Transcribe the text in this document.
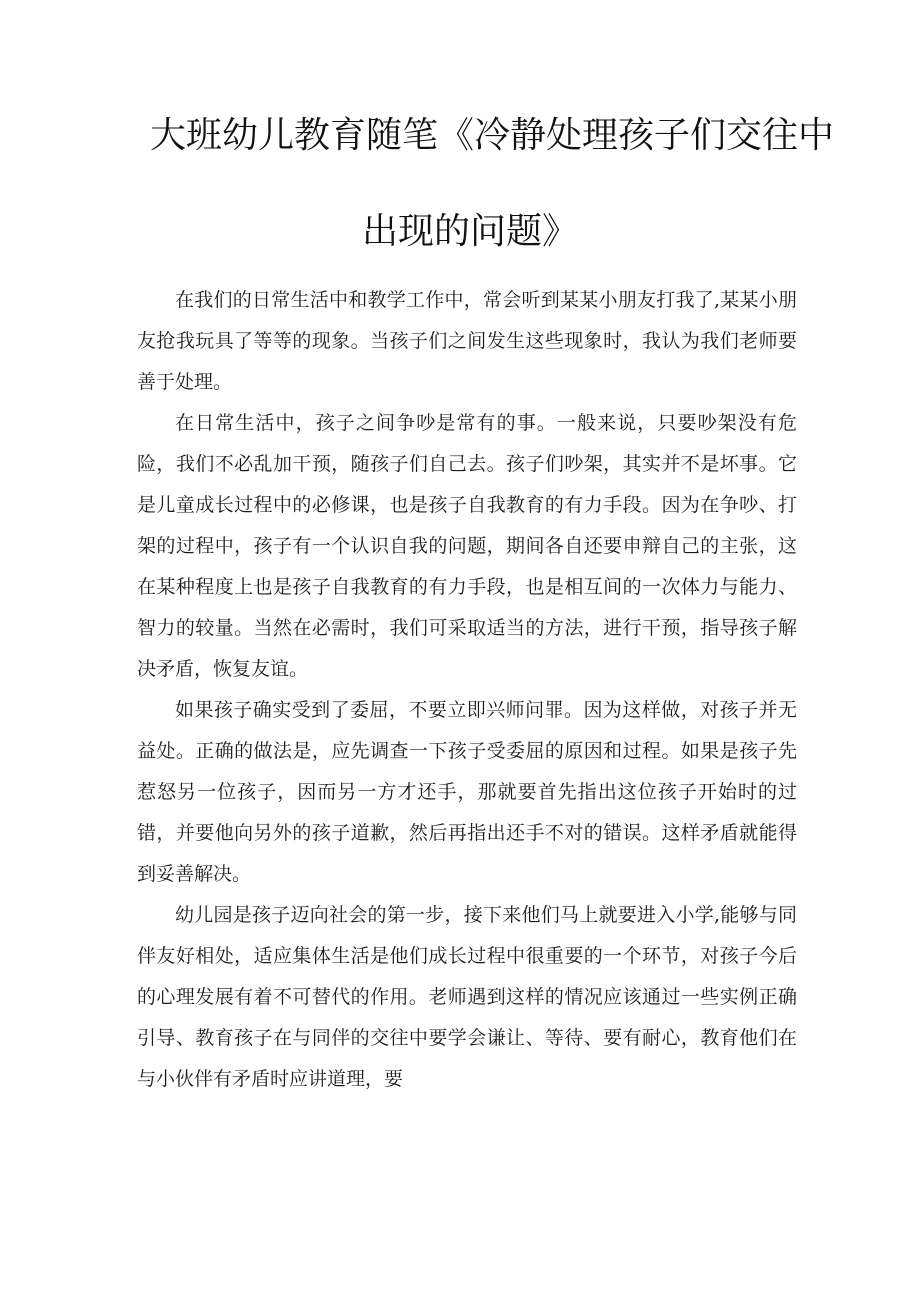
大班幼儿教育随笔《冷静处理孩子们交往中
出现的问题》

在我们的日常生活中和教学工作中，常会听到某某小朋友打我了,某某小朋友抢我玩具了等等的现象。当孩子们之间发生这些现象时，我认为我们老师要善于处理。

在日常生活中，孩子之间争吵是常有的事。一般来说，只要吵架没有危险，我们不必乱加干预，随孩子们自己去。孩子们吵架，其实并不是坏事。它是儿童成长过程中的必修课，也是孩子自我教育的有力手段。因为在争吵、打架的过程中，孩子有一个认识自我的问题，期间各自还要申辩自己的主张，这在某种程度上也是孩子自我教育的有力手段，也是相互间的一次体力与能力、智力的较量。当然在必需时，我们可采取适当的方法，进行干预，指导孩子解决矛盾，恢复友谊。

如果孩子确实受到了委屈，不要立即兴师问罪。因为这样做，对孩子并无益处。正确的做法是，应先调查一下孩子受委屈的原因和过程。如果是孩子先惹怒另一位孩子，因而另一方才还手，那就要首先指出这位孩子开始时的过错，并要他向另外的孩子道歉，然后再指出还手不对的错误。这样矛盾就能得到妥善解决。

幼儿园是孩子迈向社会的第一步，接下来他们马上就要进入小学,能够与同伴友好相处，适应集体生活是他们成长过程中很重要的一个环节，对孩子今后的心理发展有着不可替代的作用。老师遇到这样的情况应该通过一些实例正确引导、教育孩子在与同伴的交往中要学会谦让、等待、要有耐心，教育他们在与小伙伴有矛盾时应讲道理，要
